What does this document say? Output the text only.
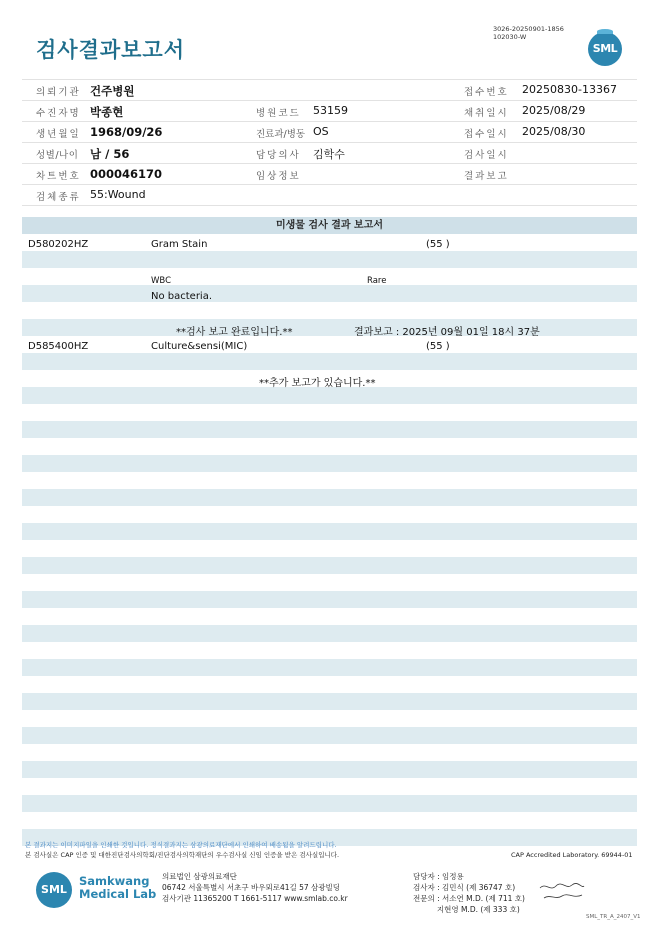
검사결과보고서
3026-20250901-1856
102030-W
SML
의뢰기관 건주병원	접수번호 20250830-13367
수진자명 박종현	병원코드 53159	채취일시 2025/08/29
생년월일 1968/09/26	진료과/병동 OS	접수일시 2025/08/30
성별/나이 남 / 56	담당의사 김학수	검사일시
차트번호 000046170	임상정보	결과보고
검체종류 55:Wound
미생물 검사 결과 보고서
D580202HZ	Gram Stain	(55 )
WBC	Rare
No bacteria.
**검사 보고 완료입니다.**	결과보고 : 2025년 09월 01일 18시 37분
D585400HZ	Culture&sensi(MIC)	(55 )
**추가 보고가 있습니다.**
본 결과지는 이미지파일을 인쇄한 것입니다. 정식결과지는 삼광의료재단에서 인쇄하여 배송됨을 알려드립니다.
본 검사실은 CAP 인증 및 대한진단검사의학회/진단검사의학재단의 우수검사실 신임 인증을 받은 검사실입니다.	CAP Accredited Laboratory. 69944-01
SML
Samkwang
Medical Lab
의료법인 삼광의료재단
06742 서울특별시 서초구 바우뫼로41길 57 삼광빌딩
검사기관 11365200 T 1661-5117 www.smlab.co.kr
담당자 : 임정용
검사자 : 김민식 (제 36747 호)
전문의 : 서소연 M.D. (제 711 호)
지현영 M.D. (제 333 호)
SML_TR_A_2407_V1
